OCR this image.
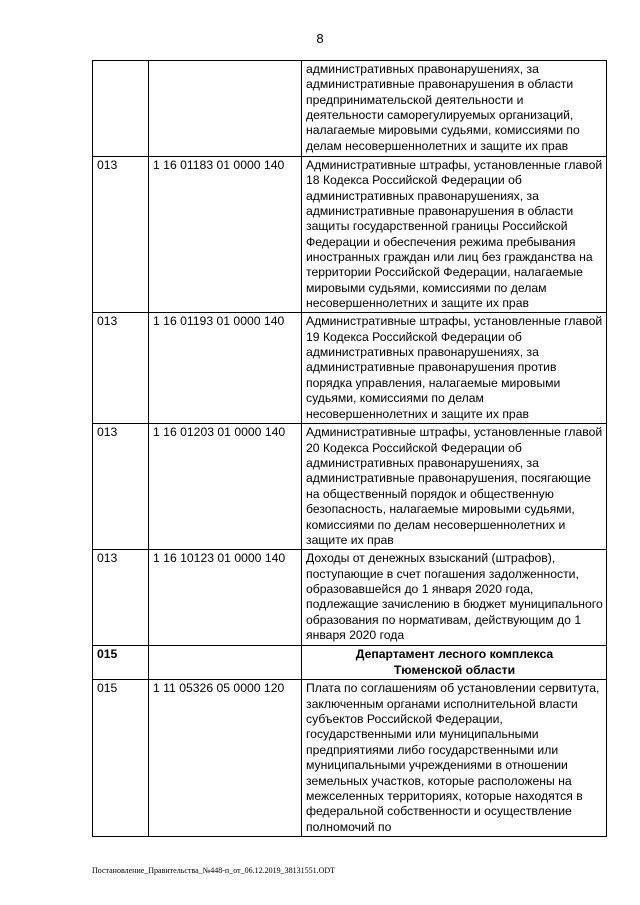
8
		административных правонарушениях, за административные правонарушения в области предпринимательской деятельности и деятельности саморегулируемых организаций, налагаемые мировыми судьями, комиссиями по делам несовершеннолетних и защите их прав
013	1 16 01183 01 0000 140	Административные штрафы, установленные главой 18 Кодекса Российской Федерации об административных правонарушениях, за административные правонарушения в области защиты государственной границы Российской Федерации и обеспечения режима пребывания иностранных граждан или лиц без гражданства на территории Российской Федерации, налагаемые мировыми судьями, комиссиями по делам несовершеннолетних и защите их прав
013	1 16 01193 01 0000 140	Административные штрафы, установленные главой 19 Кодекса Российской Федерации об административных правонарушениях, за административные правонарушения против порядка управления, налагаемые мировыми судьями, комиссиями по делам несовершеннолетних и защите их прав
013	1 16 01203 01 0000 140	Административные штрафы, установленные главой 20 Кодекса Российской Федерации об административных правонарушениях, за административные правонарушения, посягающие на общественный порядок и общественную безопасность, налагаемые мировыми судьями, комиссиями по делам несовершеннолетних и защите их прав
013	1 16 10123 01 0000 140	Доходы от денежных взысканий (штрафов), поступающие в счет погашения задолженности, образовавшейся до 1 января 2020 года, подлежащие зачислению в бюджет муниципального образования по нормативам, действующим до 1 января 2020 года
015		Департамент лесного комплекса
Тюменской области

015	1 11 05326 05 0000 120	Плата по соглашениям об установлении сервитута, заключенным органами исполнительной власти субъектов Российской Федерации, государственными или муниципальными предприятиями либо государственными или муниципальными учреждениями в отношении земельных участков, которые расположены на межселенных территориях, которые находятся в федеральной собственности и осуществление полномочий по
Постановление_Правительства_№448-п_от_06.12.2019_38131551.ODT
